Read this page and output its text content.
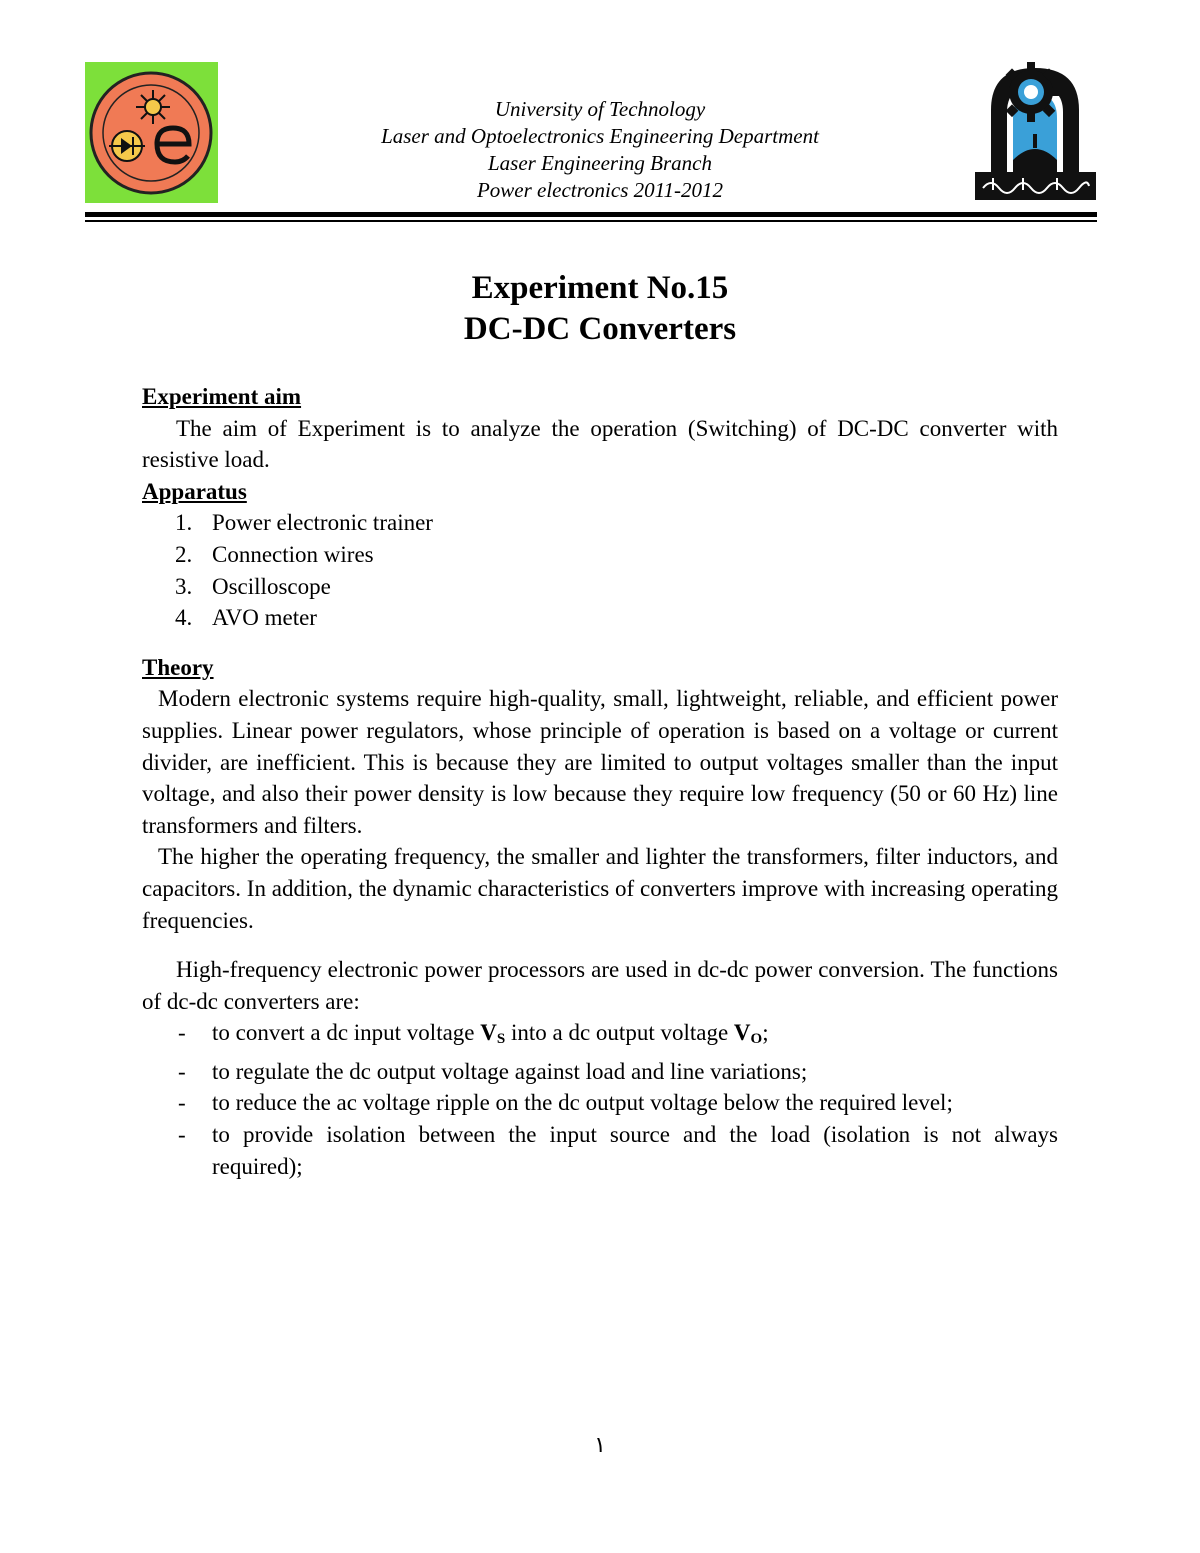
University of Technology
Laser and Optoelectronics Engineering Department
Laser Engineering Branch
Power electronics 2011-2012
Experiment No.15
DC-DC Converters

Experiment aim

The aim of Experiment is to analyze the operation (Switching) of DC-DC converter with resistive load.

Apparatus

1. Power electronic trainer
2. Connection wires
3. Oscilloscope
4. AVO meter

Theory

Modern electronic systems require high-quality, small, lightweight, reliable, and efficient power supplies. Linear power regulators, whose principle of operation is based on a voltage or current divider, are inefficient. This is because they are limited to output voltages smaller than the input voltage, and also their power density is low because they require low frequency (50 or 60 Hz) line transformers and filters.

The higher the operating frequency, the smaller and lighter the transformers, filter inductors, and capacitors. In addition, the dynamic characteristics of converters improve with increasing operating frequencies.

High-frequency electronic power processors are used in dc-dc power conversion. The functions of dc-dc converters are:

- to convert a dc input voltage $V_S$ into a dc output voltage $V_O$;
- to regulate the dc output voltage against load and line variations;
- to reduce the ac voltage ripple on the dc output voltage below the required level;
- to provide isolation between the input source and the load (isolation is not always required);
١
